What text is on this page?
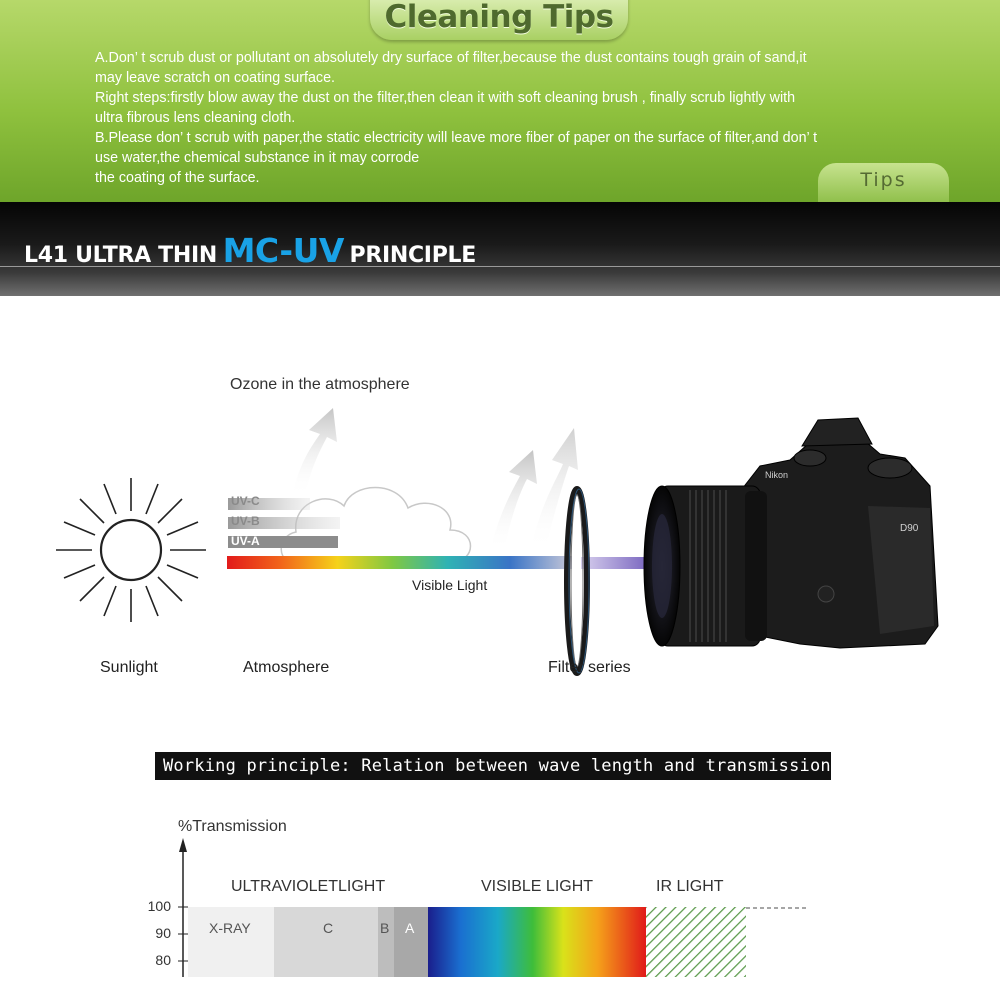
Cleaning Tips
A.Don’ t scrub dust or pollutant on absolutely dry surface of filter,because the dust contains tough grain of sand,it
may leave scratch on coating surface.
Right steps:firstly blow away the dust on the filter,then clean it with soft cleaning brush , finally scrub lightly with
ultra fibrous lens cleaning cloth.
B.Please don’ t scrub with paper,the static electricity will leave more fiber of paper on the surface of filter,and don’ t
use water,the chemical substance in it may corrode
the coating of the surface.	Tips
L41 ULTRA THIN MC-UV PRINCIPLE
Nikon
D90
Ozone in the atmosphere
UV-C
UV-B
UV-A
Visible Light
Sunlight	Atmosphere	Filter series
Working principle: Relation between wave length and transmission
%Transmission
ULTRAVIOLETLIGHT	VISIBLE LIGHT	IR LIGHT
100
90
80
X-RAY	C	B A
